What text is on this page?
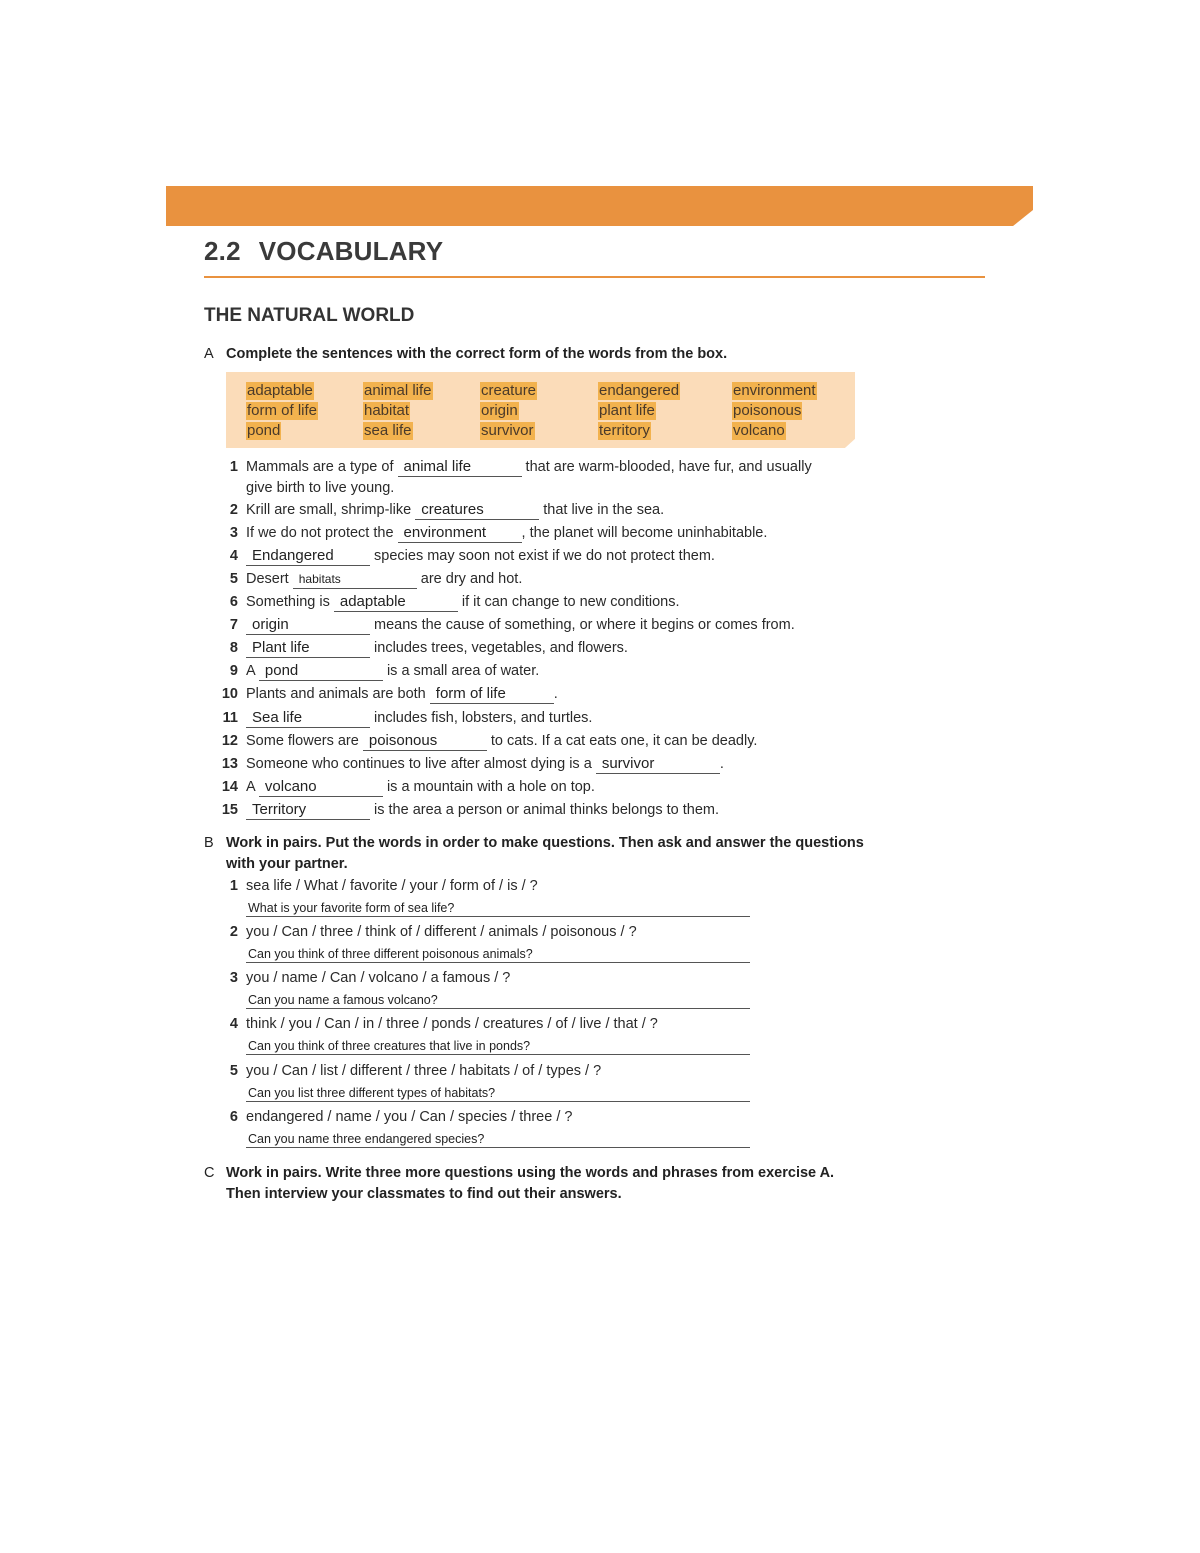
2.2 VOCABULARY
THE NATURAL WORLD
A Complete the sentences with the correct form of the words from the box.
adaptable	animal life	creature	endangered	environment
form of life	habitat	origin	plant life	poisonous
pond	sea life	survivor	territory	volcano
1 Mammals are a type of animal life	that are warm-blooded, have fur, and usually
give birth to live young.
2 Krill are small, shrimp-like creatures	that live in the sea.
3 If we do not protect the environment , the planet will become uninhabitable.
4 Endangered	species may soon not exist if we do not protect them.
5 Desert habitats	are dry and hot.
6 Something is adaptable	if it can change to new conditions.
7 origin	means the cause of something, or where it begins or comes from.
8 Plant life	includes trees, vegetables, and flowers.
9 A pond	is a small area of water.
10 Plants and animals are both form of life	.
11 Sea life	includes fish, lobsters, and turtles.
12 Some flowers are poisonous	to cats. If a cat eats one, it can be deadly.
13 Someone who continues to live after almost dying is a survivor	.
14 A volcano	is a mountain with a hole on top.
15 Territory	is the area a person or animal thinks belongs to them.
B Work in pairs. Put the words in order to make questions. Then ask and answer the questions
with your partner.
1 sea life / What / favorite / your / form of / is / ?
What is your favorite form of sea life?
2 you / Can / three / think of / different / animals / poisonous / ?
Can you think of three different poisonous animals?
3 you / name / Can / volcano / a famous / ?
Can you name a famous volcano?
4 think / you / Can / in / three / ponds / creatures / of / live / that / ?
Can you think of three creatures that live in ponds?
5 you / Can / list / different / three / habitats / of / types / ?
Can you list three different types of habitats?
6 endangered / name / you / Can / species / three / ?
Can you name three endangered species?
C Work in pairs. Write three more questions using the words and phrases from exercise A.
Then interview your classmates to find out their answers.
